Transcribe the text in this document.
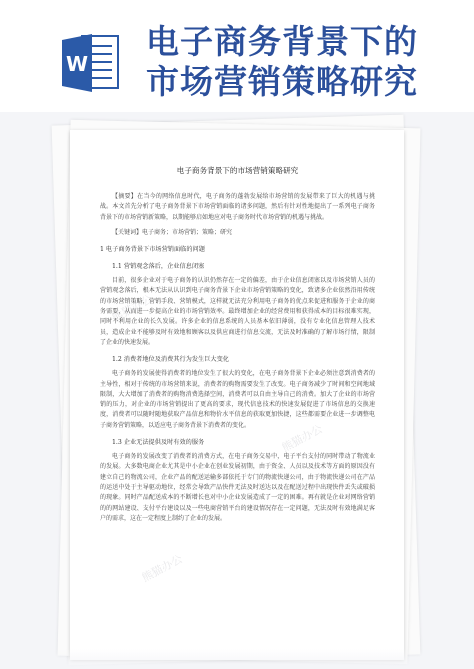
W
电子商务背景下的
市场营销策略研究
电子商务背景下的市场营销策略研究

【摘要】在当今的网络信息时代，电子商务的蓬勃发展给市场营销的发展带来了巨大的机遇与挑战。本文首先分析了电子商务背景下市场营销面临的诸多问题，然后有针对性地提出了一系列电子商务背景下的市场营销新策略，以期能够启如地应对电子商务时代市场营销的机遇与挑战。

【关键词】电子商务；市场营销；策略；研究

1 电子商务背景下市场营销面临的问题
1.1 营销观念落后，企业信息闭塞

目前，很多企业对于电子商务的认识仍然存在一定的偏差，由于企业信息闭塞以及市场营销人员的营销观念落后，根本无法从认识到电子商务背景下企业市场营销策略的变化，致诸多企业依然沿用传统的市场营销策略，营销手段、营销模式，这样就无法充分利用电子商务的优点来促进和服务于企业的商务需要，从而进一步提高企业的市场营销效率。最终增加企业的经营费用和获得成本的目标很难实现，同时不利用企业的长久发展。许多企业的信息系统的人员基本依旧薄弱，没有专业化信息管理人技术员，造成企业不能够及时有效地和顾客以及供应商进行信息交流，无法及时准确的了解市场行情，限制了企业的快速发展。

1.2 消费者地位及消费其行为发生巨大变化

电子商务的发展使得消费者的地位发生了很大的变化，在电子商务背景下企业必须注意到消费者的主导性，相对于传统的市场营销来说，消费者的购物需要发生了改变。电子商务减少了时间和空间地域限制，大大增加了消费者的购物消费选择空间，消费者可以自由主导自己的消费。加大了企业的市场营销的压力，对企业的市场营销提出了更高的要求，现代信息技术的快速发展促进了市场信息的交换速度，消费者可以随时随地获取产品信息和物价水平信息的获取更加快捷，这些都需要企业进一步调整电子商务营销策略，以适应电子商务背景下消费者的变化。

1.3 企业无法提供及时有效的服务

电子商务的发展改变了消费者的消费方式，在电子商务交易中，电子平台支付的同时带动了物流业的发展。大多数电商企业尤其是中小企业在创业发展初期，由于资金、人员以及技术等方面的原因没有建立自己的物流公司，企业产品的配送运输多部依托于专门的物流快递公司，由于物流快递公司在产品的运送中处于主导驱动地位，经常会导致产品快件无法及时送达以及在配送过程中出现快件丢失或破损的现象。同时产品配送成本的不断增长也对中小企业发展造成了一定的困难。再有就是企业对网络营销的的网站建设、支付平台建设以及一些电商营销平台的建设情况存在一定问题，无法及时有效地满足客户的需求，这在一定程度上制约了企业的发展。

熊猫办公
熊猫办公
熊猫办公
